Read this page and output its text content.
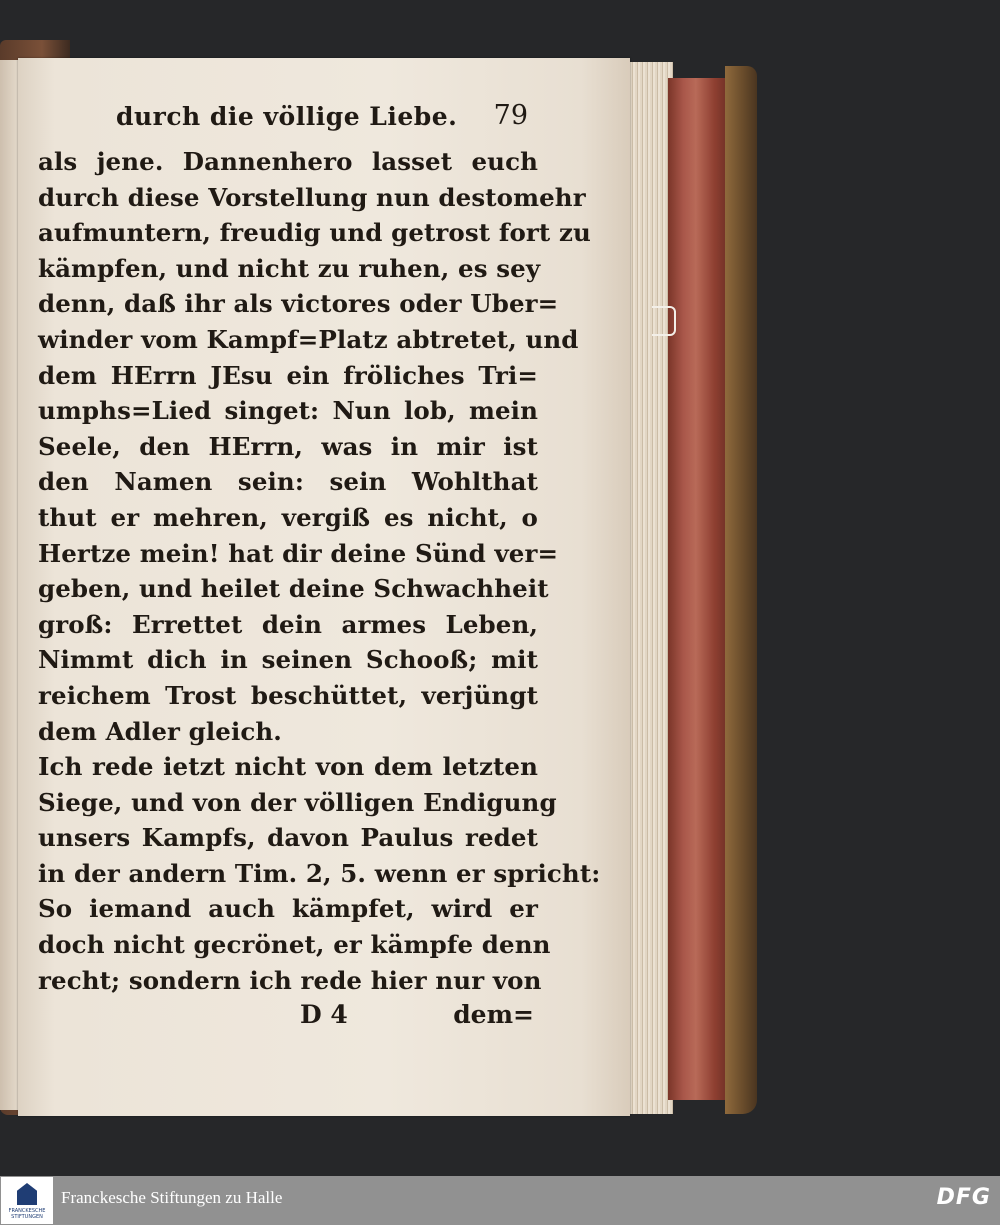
durch die völlige Liebe. 79
als jene. Dannenhero lasset euch
durch diese Vorstellung nun destomehr
aufmuntern, freudig und getrost fort zu
kämpfen, und nicht zu ruhen, es sey
denn, daß ihr als victores oder Uber=
winder vom Kampf=Platz abtretet, und
dem HErrn JEsu ein fröliches Tri=
umphs=Lied singet: Nun lob, mein
Seele, den HErrn, was in mir ist
den Namen sein: sein Wohlthat
thut er mehren, vergiß es nicht, o
Hertze mein! hat dir deine Sünd ver=
geben, und heilet deine Schwachheit
groß: Errettet dein armes Leben,
Nimmt dich in seinen Schooß; mit
reichem Trost beschüttet, verjüngt
dem Adler gleich.
Ich rede ietzt nicht von dem letzten
Siege, und von der völligen Endigung
unsers Kampfs, davon Paulus redet
in der andern Tim. 2, 5. wenn er spricht:
So iemand auch kämpfet, wird er
doch nicht gecrönet, er kämpfe denn
recht; sondern ich rede hier nur von
D 4	dem=
FRANCKESCHE STIFTUNGEN
Franckesche Stiftungen zu Halle	DFG
